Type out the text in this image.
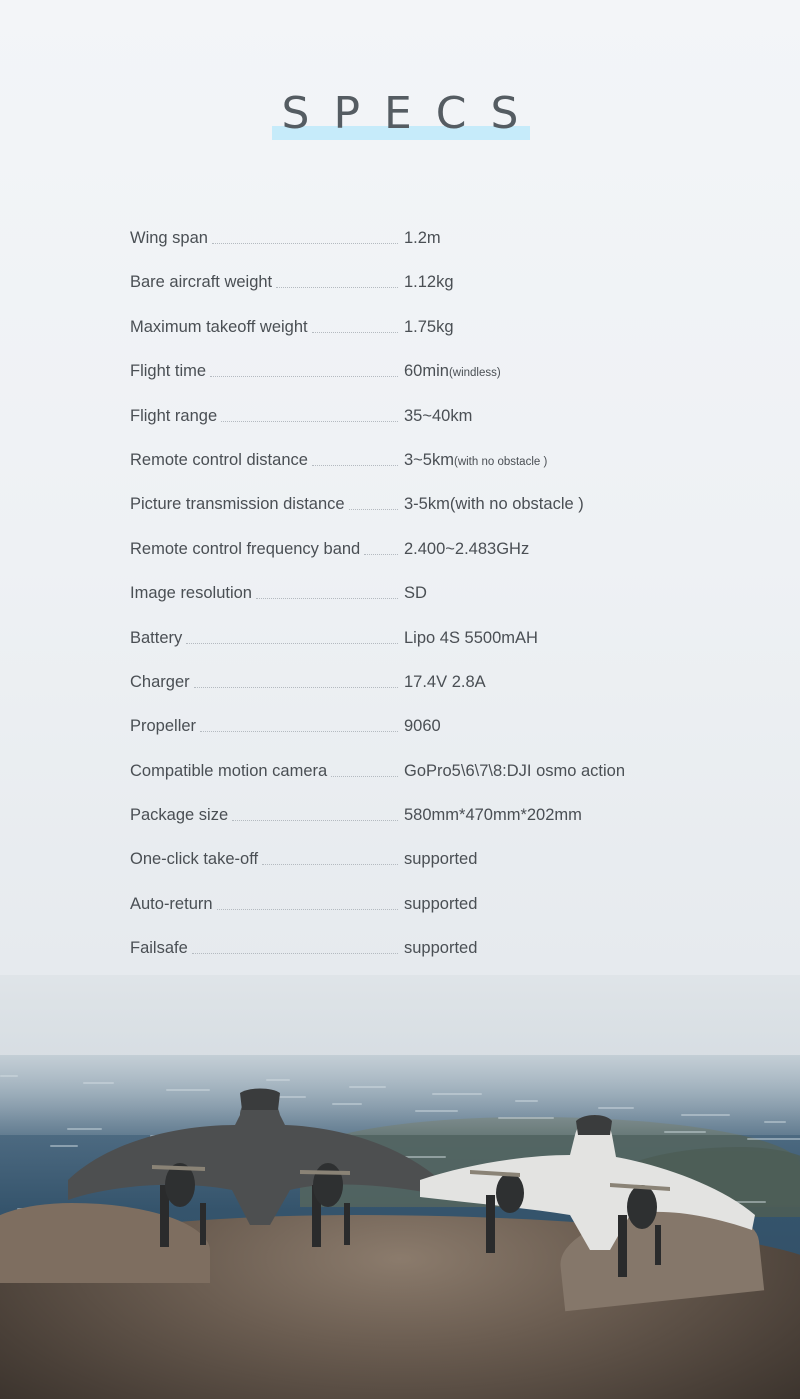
SPECS
Wing span	1.2m
Bare aircraft weight	1.12kg
Maximum takeoff weight	1.75kg
Flight time	60min(windless)
Flight range	35~40km
Remote control distance	3~5km(with no obstacle )
Picture transmission distance	3-5km(with no obstacle )
Remote control frequency band	2.400~2.483GHz
Image resolution	SD
Battery	Lipo 4S 5500mAH
Charger	17.4V 2.8A
Propeller	9060
Compatible motion camera	GoPro5\6\7\8:DJI osmo action
Package size	580mm*470mm*202mm
One-click take-off	supported
Auto-return	supported
Failsafe	supported
